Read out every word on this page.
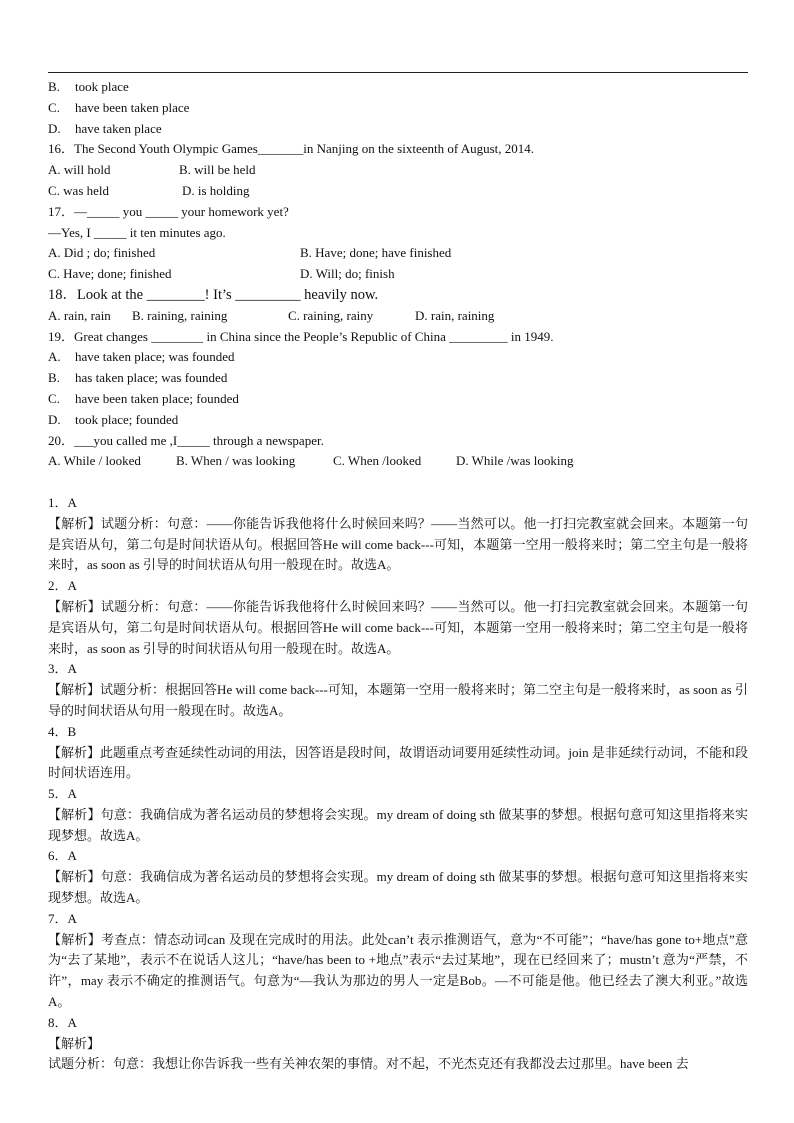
B. took place
C. have been taken place
D. have taken place
16．The Second Youth Olympic Games_______in Nanjing on the sixteenth of August, 2014.
A. will hold	B. will be held
C. was held	D. is holding
17．—_____ you _____ your homework yet?
—Yes, I _____ it ten minutes ago.
A. Did ; do; finished	B. Have; done; have finished
C. Have; done; finished	D. Will; do; finish
18．Look at the ________! It’s _________ heavily now.
A. rain, rain B. raining, raining	C. raining, rainy	D. rain, raining
19．Great changes ________ in China since the People’s Republic of China _________ in 1949.
A. have taken place; was founded
B. has taken place; was founded
C. have been taken place; founded
D. took place; founded
20．___you called me ,I_____ through a newspaper.
A. While / looked	B. When / was looking	C. When /looked	D. While /was looking
1．A
【解析】试题分析：句意：——你能告诉我他将什么时候回来吗？——当然可以。他一打扫完教室就会回来。本题第一句是宾语从句，第二句是时间状语从句。根据回答He will come back---可知，本题第一空用一般将来时；第二空主句是一般将来时，as soon as 引导的时间状语从句用一般现在时。故选A。
2．A
【解析】试题分析：句意：——你能告诉我他将什么时候回来吗？——当然可以。他一打扫完教室就会回来。本题第一句是宾语从句，第二句是时间状语从句。根据回答He will come back---可知，本题第一空用一般将来时；第二空主句是一般将来时，as soon as 引导的时间状语从句用一般现在时。故选A。
3．A
【解析】试题分析：根据回答He will come back---可知，本题第一空用一般将来时；第二空主句是一般将来时，as soon as 引导的时间状语从句用一般现在时。故选A。
4．B
【解析】此题重点考查延续性动词的用法，因答语是段时间，故谓语动词要用延续性动词。join 是非延续行动词，不能和段时间状语连用。
5．A
【解析】句意：我确信成为著名运动员的梦想将会实现。my dream of doing sth 做某事的梦想。根据句意可知这里指将来实现梦想。故选A。
6．A
【解析】句意：我确信成为著名运动员的梦想将会实现。my dream of doing sth 做某事的梦想。根据句意可知这里指将来实现梦想。故选A。
7．A
【解析】考查点：情态动词can 及现在完成时的用法。此处can’t 表示推测语气，意为“不可能”；“have/has gone to+地点”意为“去了某地”，表示不在说话人这儿；“have/has been to +地点”表示“去过某地”，现在已经回来了；mustn’t 意为“严禁，不许”，may 表示不确定的推测语气。句意为“—我认为那边的男人一定是Bob。—不可能是他。他已经去了澳大利亚。”故选A。
8．A
【解析】
试题分析：句意：我想让你告诉我一些有关神农架的事情。对不起，不光杰克还有我都没去过那里。have been 去
